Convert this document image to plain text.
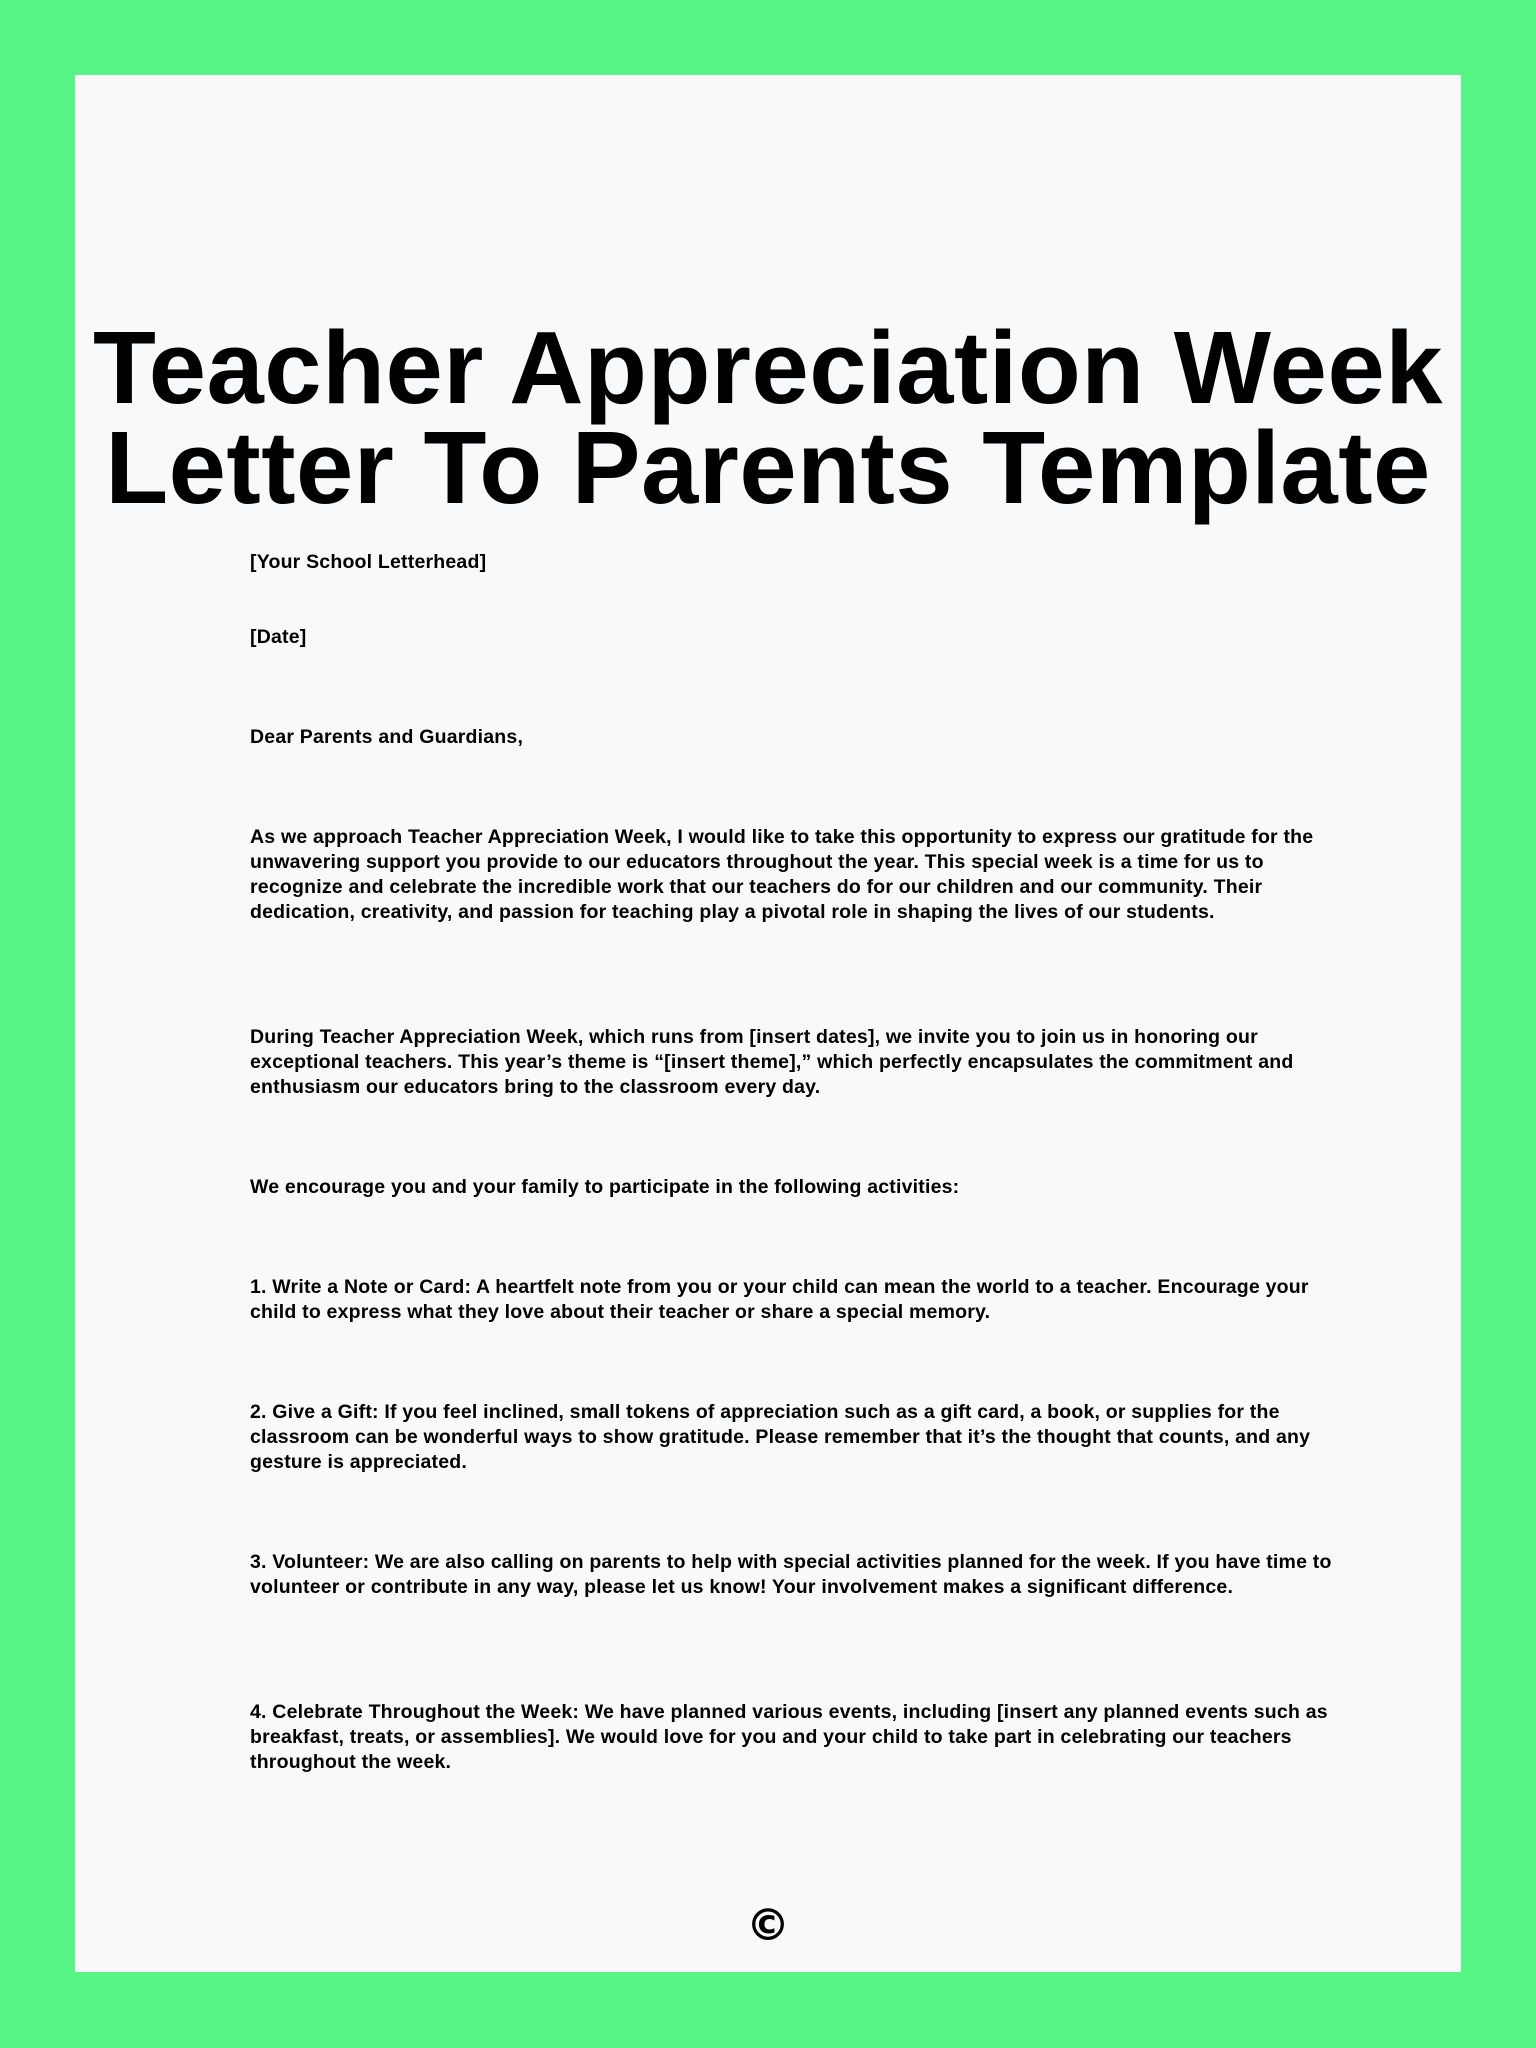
Teacher Appreciation Week
Letter To Parents Template

[Your School Letterhead]

[Date]

Dear Parents and Guardians,

As we approach Teacher Appreciation Week, I would like to take this opportunity to express our gratitude for the unwavering support you provide to our educators throughout the year. This special week is a time for us to recognize and celebrate the incredible work that our teachers do for our children and our community. Their dedication, creativity, and passion for teaching play a pivotal role in shaping the lives of our students.

During Teacher Appreciation Week, which runs from [insert dates], we invite you to join us in honoring our exceptional teachers. This year’s theme is “[insert theme],” which perfectly encapsulates the commitment and enthusiasm our educators bring to the classroom every day.

We encourage you and your family to participate in the following activities:

1. Write a Note or Card: A heartfelt note from you or your child can mean the world to a teacher. Encourage your child to express what they love about their teacher or share a special memory.

2. Give a Gift: If you feel inclined, small tokens of appreciation such as a gift card, a book, or supplies for the classroom can be wonderful ways to show gratitude. Please remember that it’s the thought that counts, and any gesture is appreciated.

3. Volunteer: We are also calling on parents to help with special activities planned for the week. If you have time to volunteer or contribute in any way, please let us know! Your involvement makes a significant difference.

4. Celebrate Throughout the Week: We have planned various events, including [insert any planned events such as breakfast, treats, or assemblies]. We would love for you and your child to take part in celebrating our teachers throughout the week.

©
